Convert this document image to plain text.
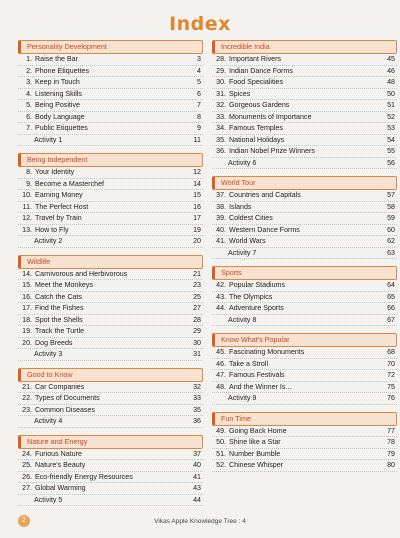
Index
Personality Development
1. Raise the Bar	3
2. Phone Etiquettes	4
3. Keep in Touch	5
4. Listening Skills	6
5. Being Positive	7
6. Body Language	8
7. Public Etiquettes	9
Activity 1	11
Being Independent
8. Your Identity	12
9. Become a Masterchef	14
10. Earning Money	15
11. The Perfect Host	16
12. Travel by Train	17
13. How to Fly	19
Activity 2	20
Wildlife
14. Carnivorous and Herbivorous	21
15. Meet the Monkeys	23
16. Catch the Cats	25
17. Find the Fishes	27
18. Spot the Shells	28
19. Track the Turtle	29
20. Dog Breeds	30
Activity 3	31
Good to Know
21. Car Companies	32
22. Types of Documents	33
23. Common Diseases	35
Activity 4	36
Nature and Energy
24. Furious Nature	37
25. Nature's Beauty	40
26. Eco-friendly Energy Resources	41
27. Global Warming	43
Activity 5	44
Incredible India
28. Important Rivers	45
29. Indian Dance Forms	46
30. Food Specialities	48
31. Spices	50
32. Gorgeous Gardens	51
33. Monuments of Importance	52
34. Famous Temples	53
35. National Holidays	54
36. Indian Nobel Prize Winners	55
Activity 6	56
World Tour
37. Countries and Capitals	57
38. Islands	58
39. Coldest Cities	59
40. Western Dance Forms	60
41. World Wars	62
Activity 7	63
Sports
42. Popular Stadiums	64
43. The Olympics	65
44. Adventure Sports	66
Activity 8	67
Know What's Popular
45. Fascinating Monuments	68
46. Take a Stroll	70
47. Famous Festivals	72
48. And the Winner Is...	75
Activity 9	76
Fun Time
49. Going Back Home	77
50. Shine like a Star	78
51. Number Bumble	79
52. Chinese Whisper	80
2	Vikas Apple Knowledge Tree : 4
